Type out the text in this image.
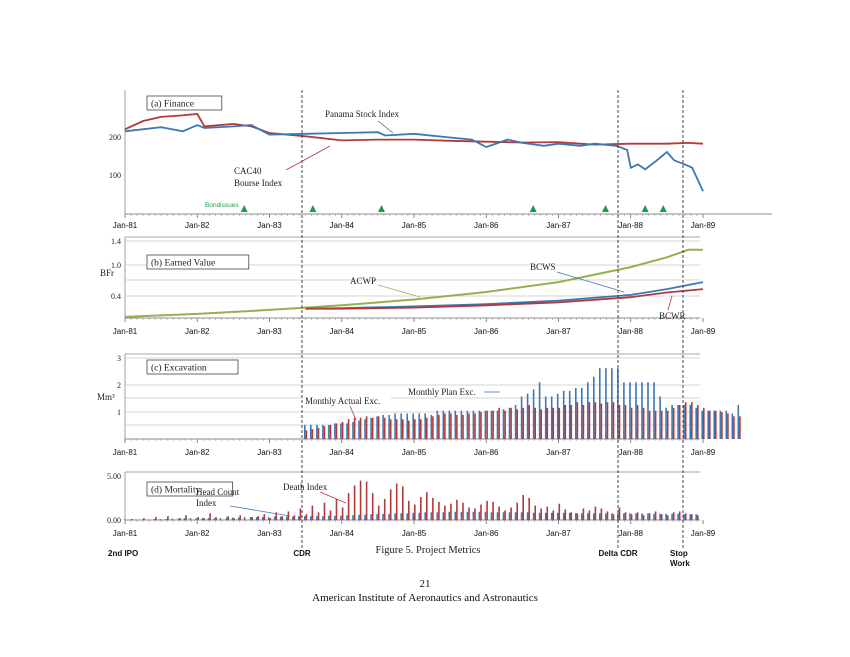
200
100
Jan-81	Jan-82	Jan-83	Jan-84	Jan-85	Jan-86	Jan-87	Jan-88	Jan-89
(a) Finance
Bondissues
Panama Stock Index
CAC40
Bourse Index
1.4
1.0
0.4
Jan-81	Jan-82	Jan-83	Jan-84	Jan-85	Jan-86	Jan-87	Jan-88	Jan-89
(b) Earned Value
BFr
ACWP
BCWS
BCWR
3
2
1
Jan-81	Jan-82	Jan-83	Jan-84	Jan-85	Jan-86	Jan-87	Jan-88	Jan-89
(c) Excavation
Mm³	Monthly Actual Exc.
Monthly Plan Exc.
5.00
0.00
Jan-81	Jan-82	Jan-83	Jan-84	Jan-85	Jan-86	Jan-87	Jan-88	Jan-89
(d) Mortality	Death Index
Head Count
Index
2nd IPO	CDR	Delta CDR	Stop
Work
Figure 5. Project Metrics
21
American Institute of Aeronautics and Astronautics
